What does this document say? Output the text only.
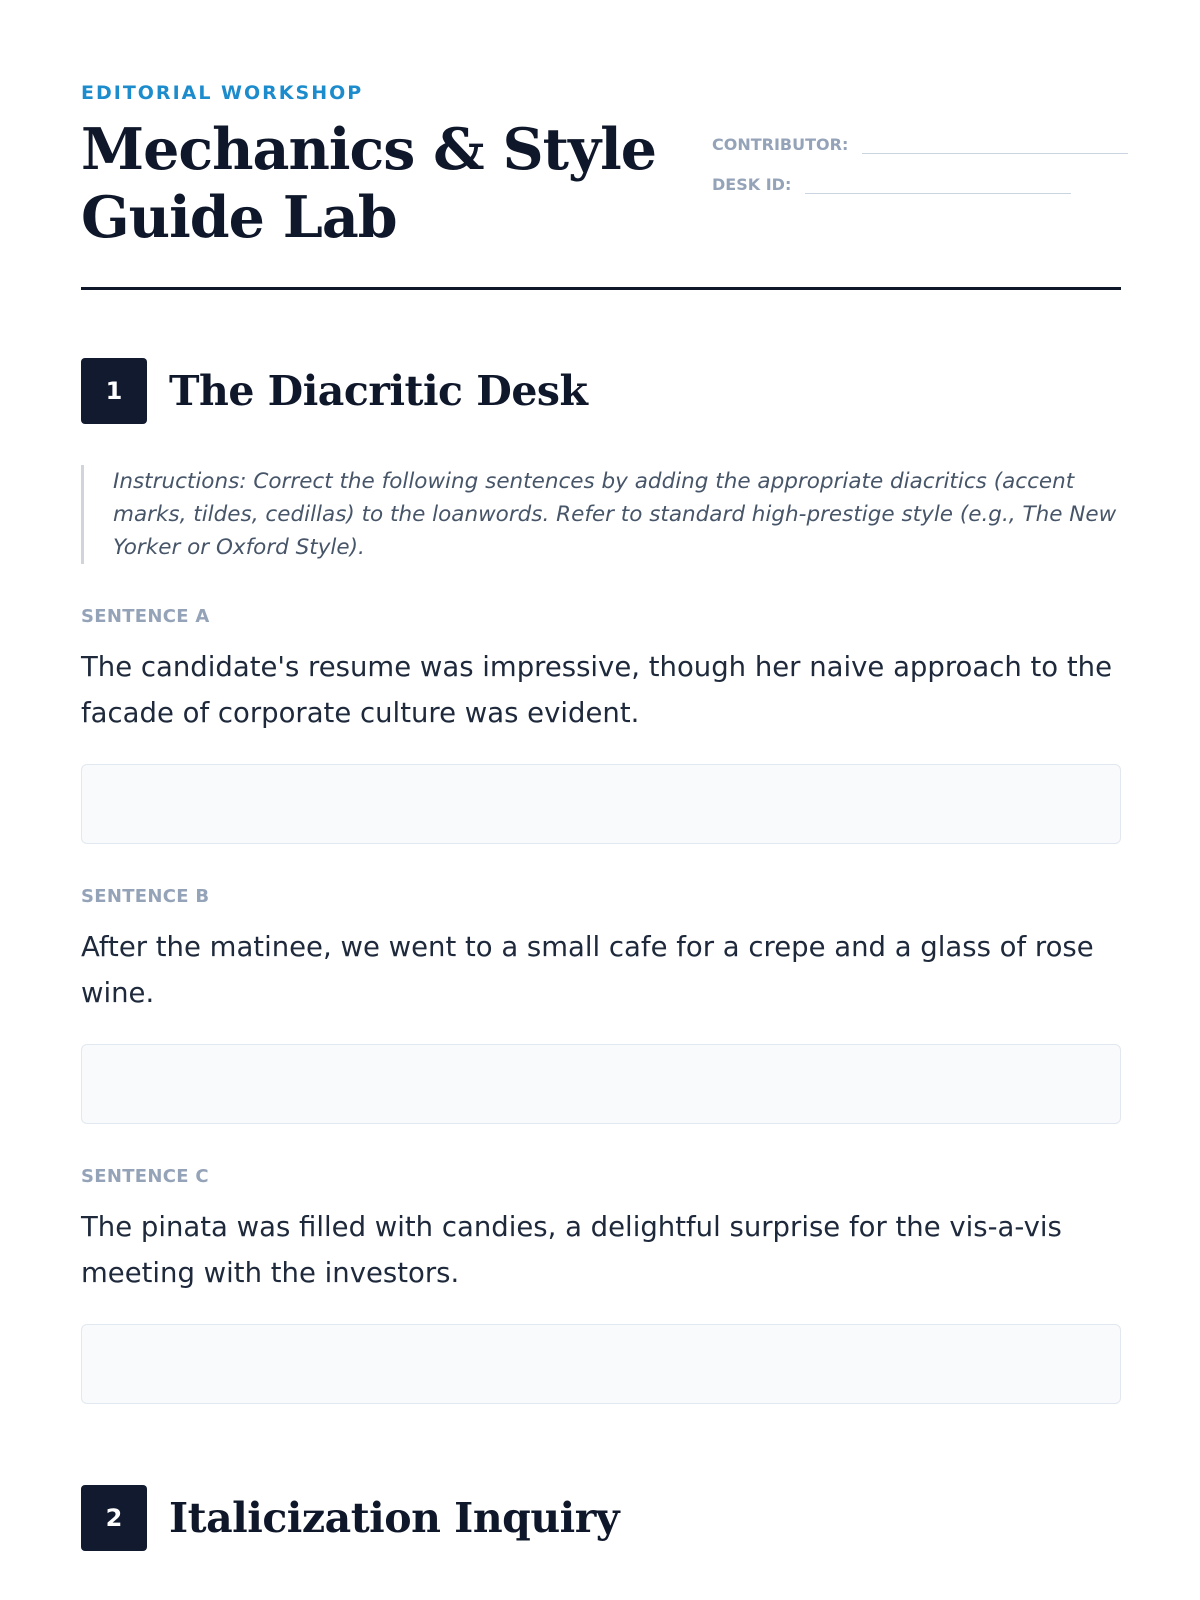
EDITORIAL WORKSHOP
Mechanics & Style Guide Lab
CONTRIBUTOR:
DESK ID:
1	The Diacritic Desk
Instructions: Correct the following sentences by adding the appropriate diacritics (accent marks, tildes, cedillas) to the loanwords. Refer to standard high-prestige style (e.g., The New Yorker or Oxford Style).
SENTENCE A
The candidate's resume was impressive, though her naive approach to the facade of corporate culture was evident.
SENTENCE B
After the matinee, we went to a small cafe for a crepe and a glass of rose wine.
SENTENCE C
The pinata was filled with candies, a delightful surprise for the vis-a-vis meeting with the investors.
2	Italicization Inquiry
